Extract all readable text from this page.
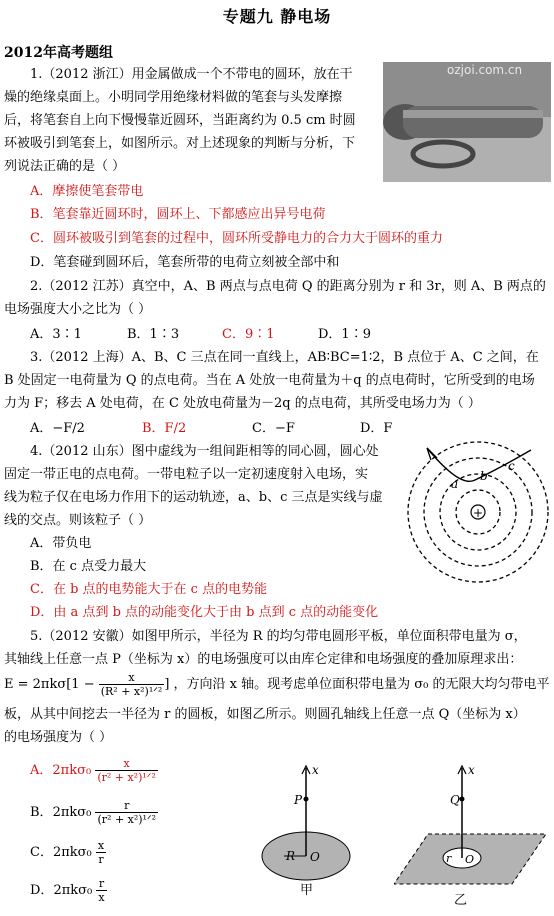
专题九 静电场
2012年高考题组
1.（2012 浙江）用金属做成一个不带电的圆环，放在干
燥的绝缘桌面上。小明同学用绝缘材料做的笔套与头发摩擦
后，将笔套自上向下慢慢靠近圆环，当距离约为 0.5 cm 时圆
环被吸引到笔套上，如图所示。对上述现象的判断与分析，下
列说法正确的是（ ）
ozjoi.com.cn
A．摩擦使笔套带电
B．笔套靠近圆环时，圆环上、下都感应出异号电荷
C．圆环被吸引到笔套的过程中，圆环所受静电力的合力大于圆环的重力
D．笔套碰到圆环后，笔套所带的电荷立刻被全部中和
2.（2012 江苏）真空中，A、B 两点与点电荷 Q 的距离分别为 r 和 3r，则 A、B 两点的
电场强度大小之比为（ ）
A．3∶1	B．1∶3	C．9∶1	D．1∶9
3.（2012 上海）A、B、C 三点在同一直线上，AB∶BC=1∶2，B 点位于 A、C 之间，在
B 处固定一电荷量为 Q 的点电荷。当在 A 处放一电荷量为＋q 的点电荷时，它所受到的电场
力为 F；移去 A 处电荷，在 C 处放电荷量为－2q 的点电荷，其所受电场力为（ ）
A．−F/2	B．F/2	C．−F	D．F
4.（2012 山东）图中虚线为一组间距相等的同心圆，圆心处
固定一带正电的点电荷。一带电粒子以一定初速度射入电场，实
线为粒子仅在电场力作用下的运动轨迹，a、b、c 三点是实线与虚
线的交点。则该粒子（ ）
A．带负电
B．在 c 点受力最大
C．在 b 点的电势能大于在 c 点的电势能
D．由 a 点到 b 点的动能变化大于由 b 点到 c 点的动能变化
+
a
b
c
5.（2012 安徽）如图甲所示，半径为 R 的均匀带电圆形平板，单位面积带电量为 σ，
其轴线上任意一点 P（坐标为 x）的电场强度可以由库仑定律和电场强度的叠加原理求出：
$E = 2\pi k\sigma[1 - \frac{x}{\text{(R² + x²)¹ᐟ²}}$ ] ，方向沿 x 轴。现考虑单位面积带电量为 σ₀ 的无限大均匀带电平
板，从其中间挖去一半径为 r 的圆板，如图乙所示。则圆孔轴线上任意一点 Q（坐标为 x）
的电场强度为（ ）
A．$2\pi k\sigma_0 \frac{x}{\text{(r² + x²)¹ᐟ²}}$
B．$2\pi k\sigma_0 \frac{r}{\text{(r² + x²)¹ᐟ²}}$
C．$2\pi k\sigma_0 \frac{x}{r}$
D．$2\pi k\sigma_0 \frac{r}{x}$
x
P
R O
甲
x
Q
r O
乙
